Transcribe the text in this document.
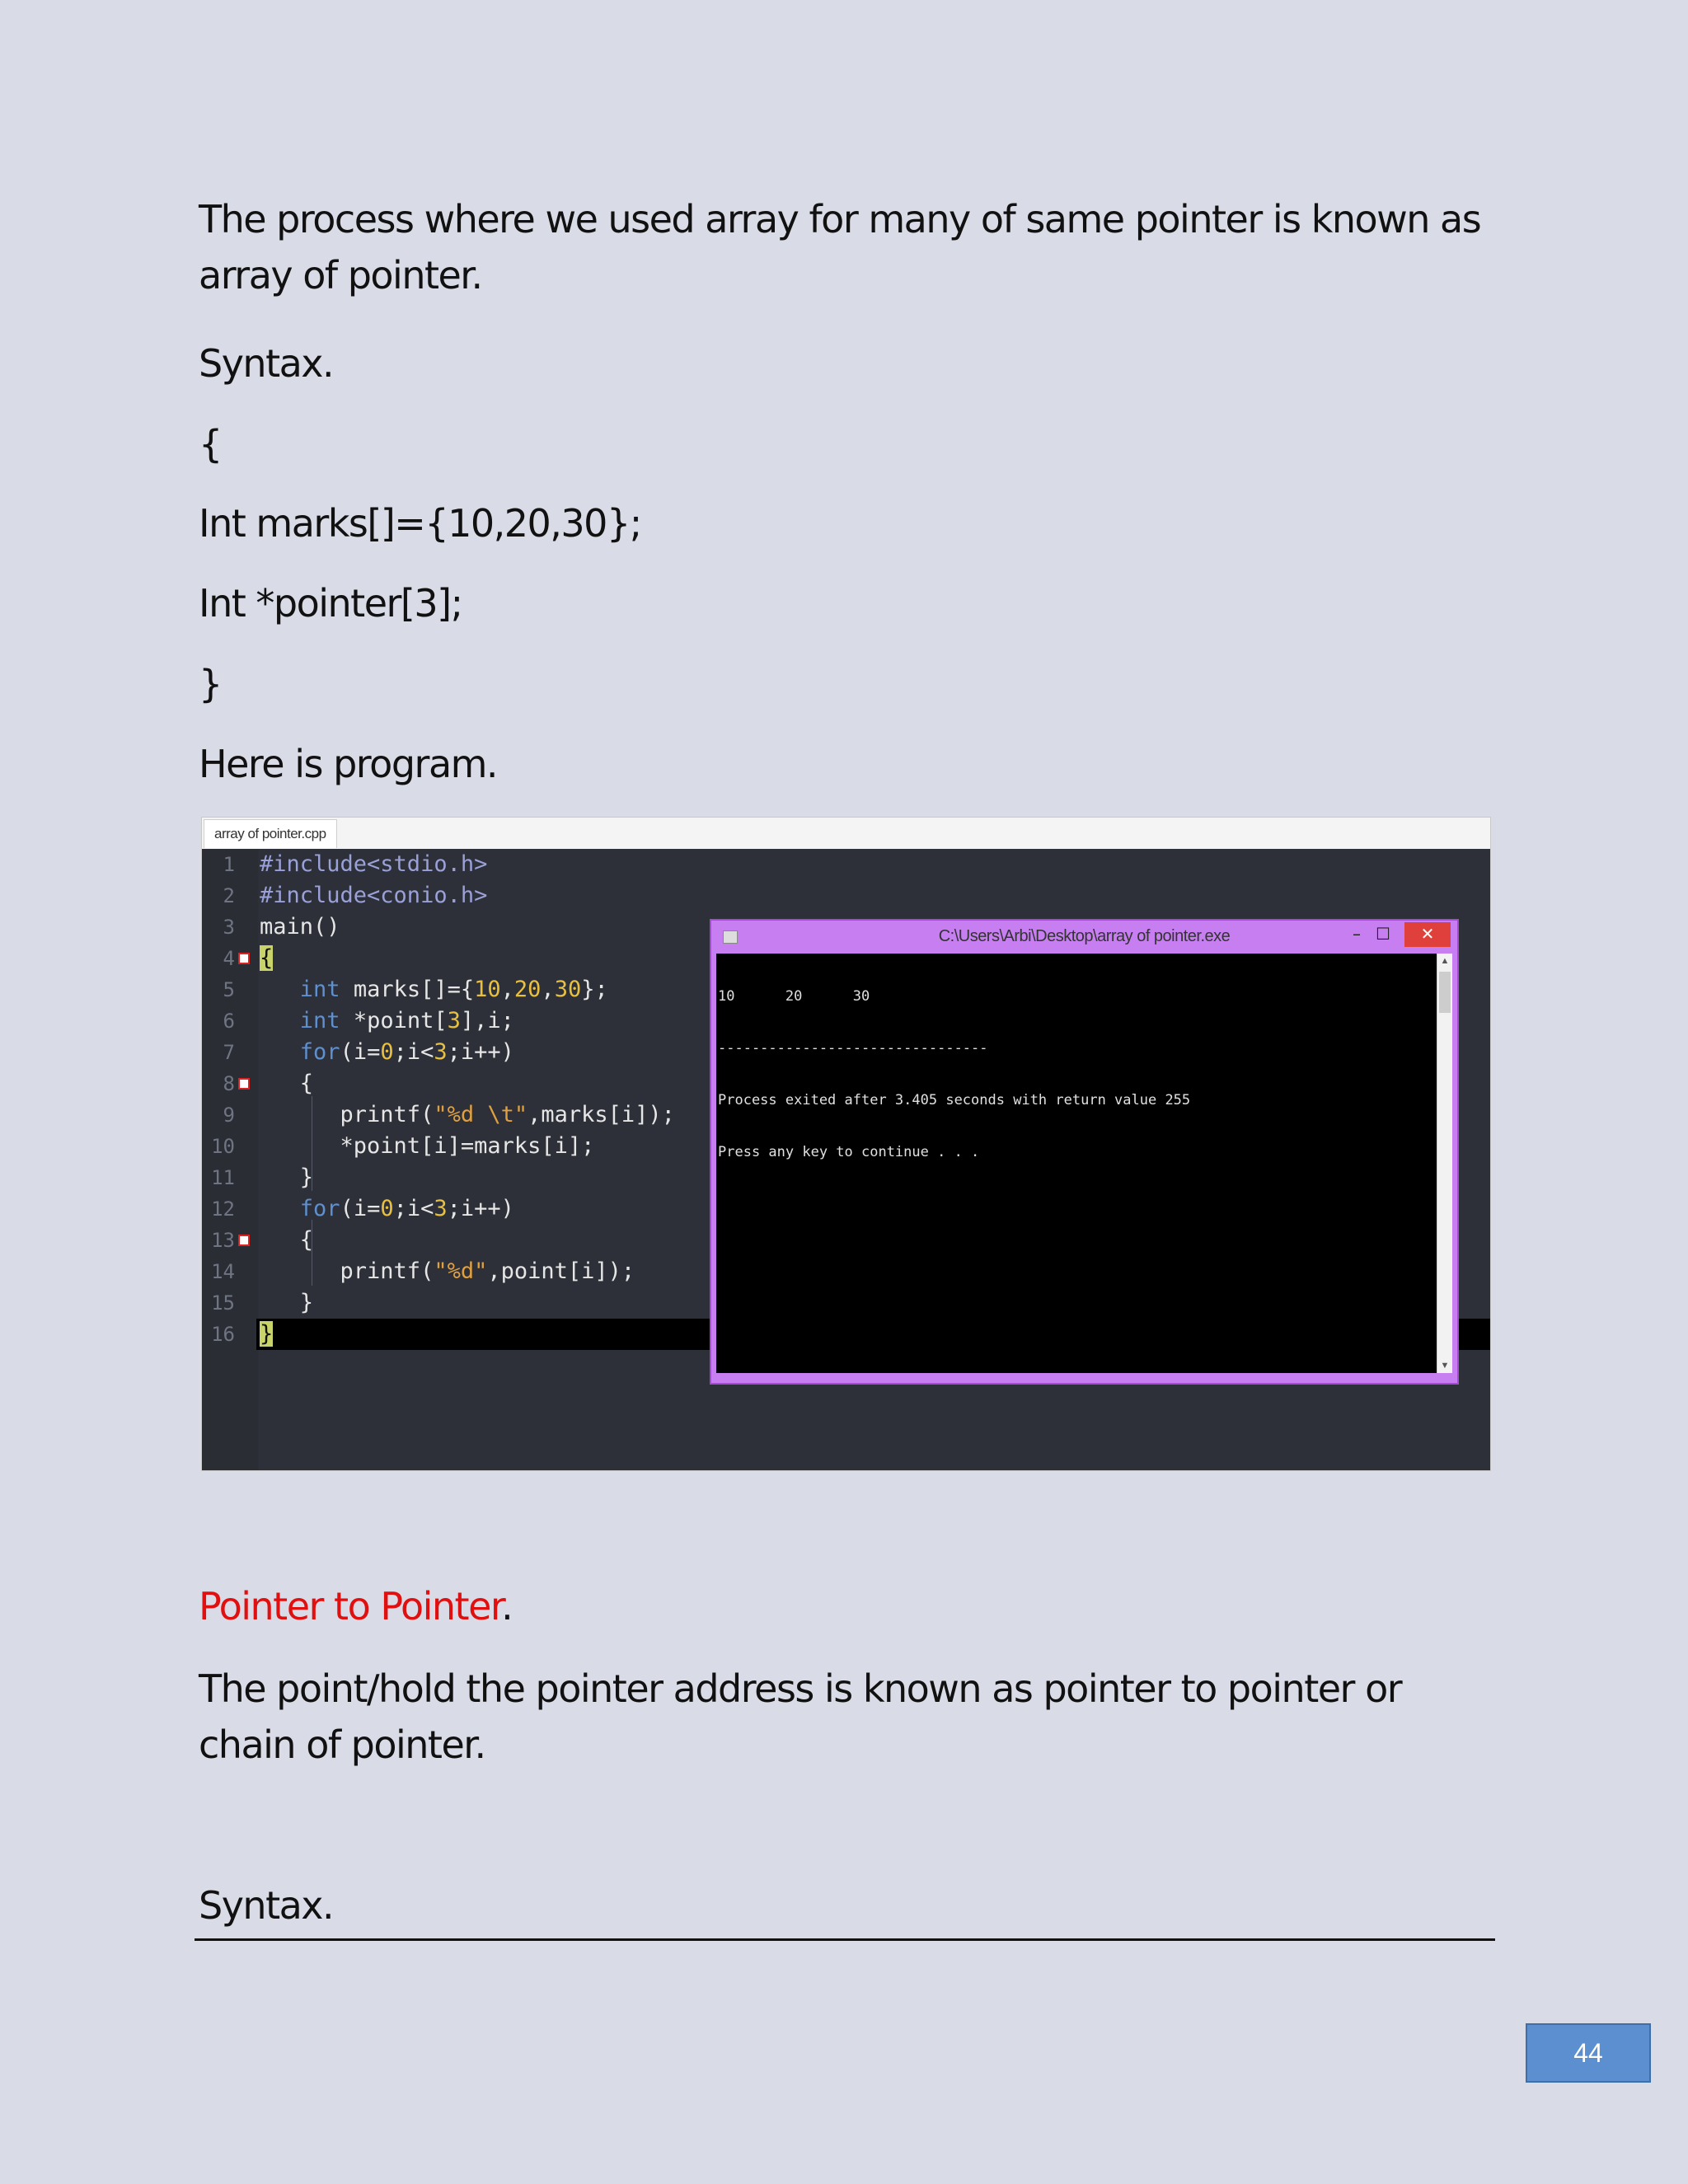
The process where we used array for many of same pointer is known as

array of pointer.

Syntax.

{

Int marks[]={10,20,30};

Int *pointer[3];

}

Here is program.

array of pointer.cpp
1 #include<stdio.h>
2 #include<conio.h>
3 main()
4 {
5	int marks[]={10,20,30};
6	int *point[3],i;
7	for(i=0;i<3;i++)
8 {
9 printf("%d \t",marks[i]);
10 *point[i]=marks[i];
11 }
12	for(i=0;i<3;i++)
13 {
14 printf("%d",point[i]);
15 }
16 }
C:\Users\Arbi\Desktop\array of pointer.exe	– ☐	✕

10      20      30

--------------------------------

Process exited after 3.405 seconds with return value 255

Press any key to continue . . .

▲
▼

Pointer to Pointer.

The point/hold the pointer address is known as pointer to pointer or

chain of pointer.

Syntax.

44
